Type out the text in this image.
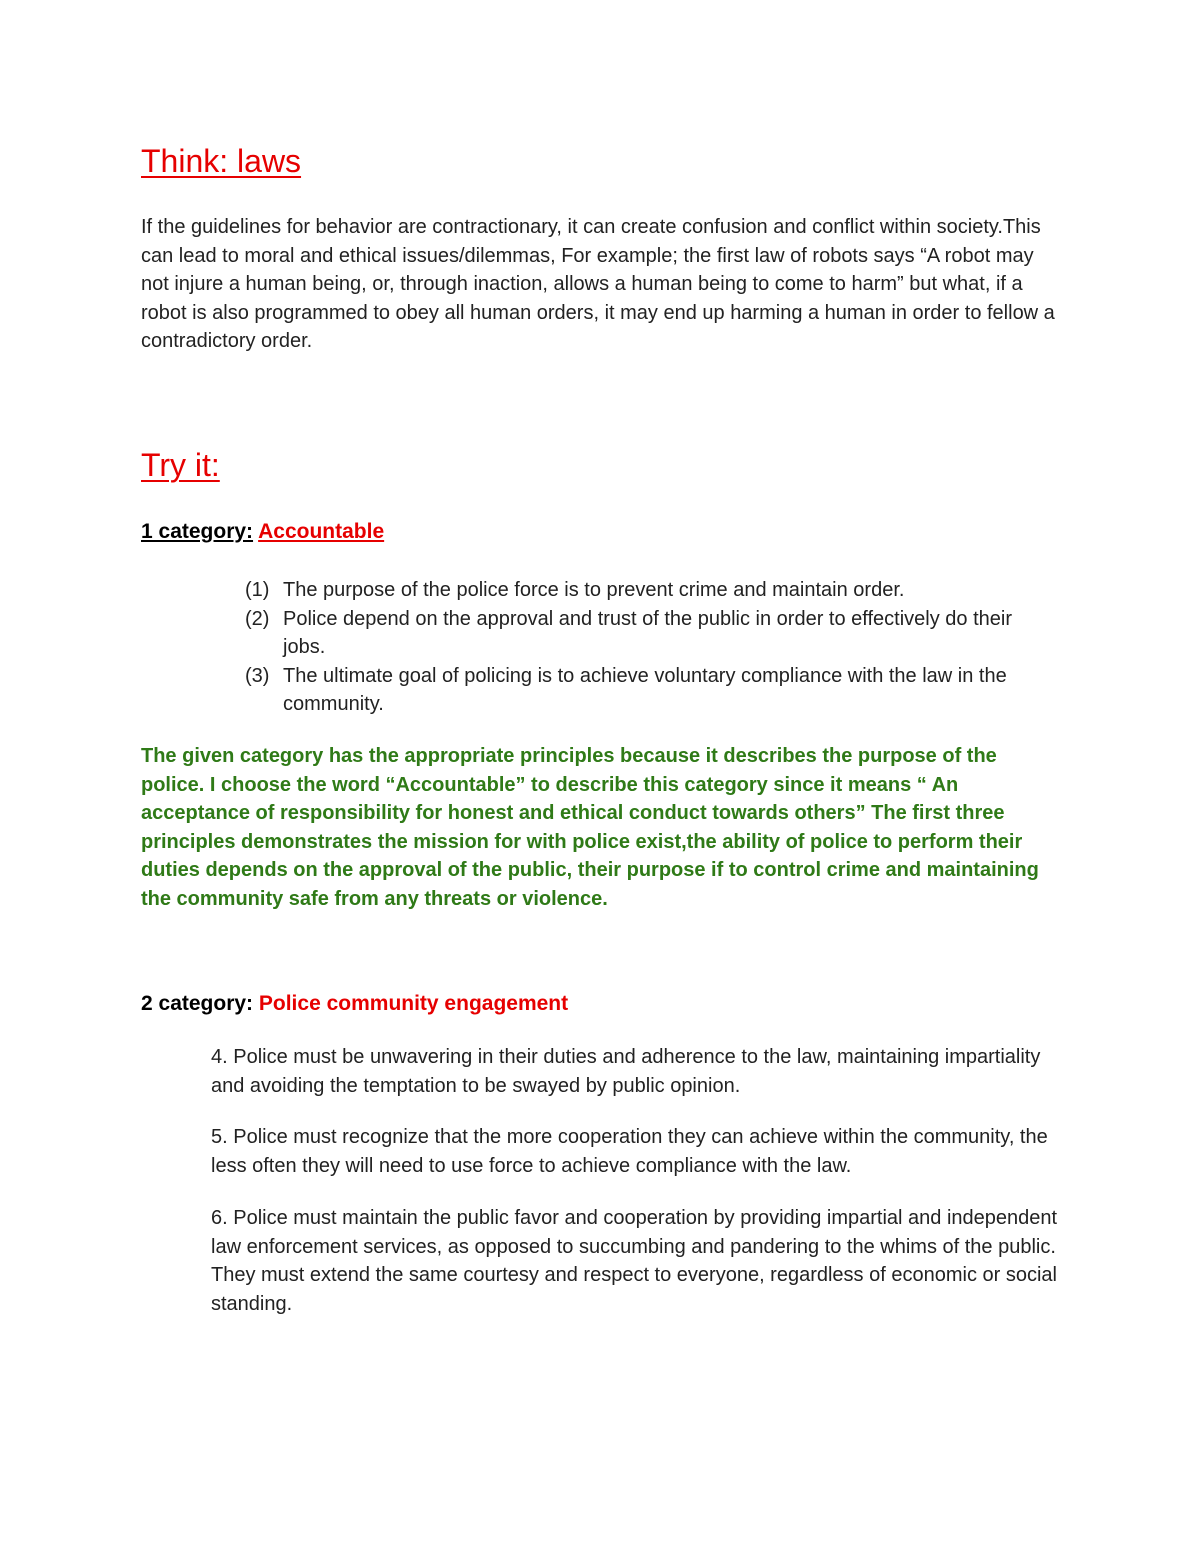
Think: laws

If the guidelines for behavior are contractionary, it can create confusion and conflict within society.This can lead to moral and ethical issues/dilemmas, For example; the first law of robots says “A robot may not injure a human being, or, through inaction, allows a human being to come to harm” but what, if a robot is also programmed to obey all human orders, it may end up harming a human in order to fellow a contradictory order.

Try it:

1 category: Accountable

(1) The purpose of the police force is to prevent crime and maintain order.
(2) Police depend on the approval and trust of the public in order to effectively do their jobs.
(3) The ultimate goal of policing is to achieve voluntary compliance with the law in the community.

The given category has the appropriate principles because it describes the purpose of the police. I choose the word “Accountable” to describe this category since it means “ An acceptance of responsibility for honest and ethical conduct towards others” The first three principles demonstrates the mission for with police exist,the ability of police to perform their duties depends on the approval of the public, their purpose if to control crime and maintaining the community safe from any threats or violence.

2 category: Police community engagement

4. Police must be unwavering in their duties and adherence to the law, maintaining impartiality and avoiding the temptation to be swayed by public opinion.

5. Police must recognize that the more cooperation they can achieve within the community, the less often they will need to use force to achieve compliance with the law.

6. Police must maintain the public favor and cooperation by providing impartial and independent law enforcement services, as opposed to succumbing and pandering to the whims of the public. They must extend the same courtesy and respect to everyone, regardless of economic or social standing.
